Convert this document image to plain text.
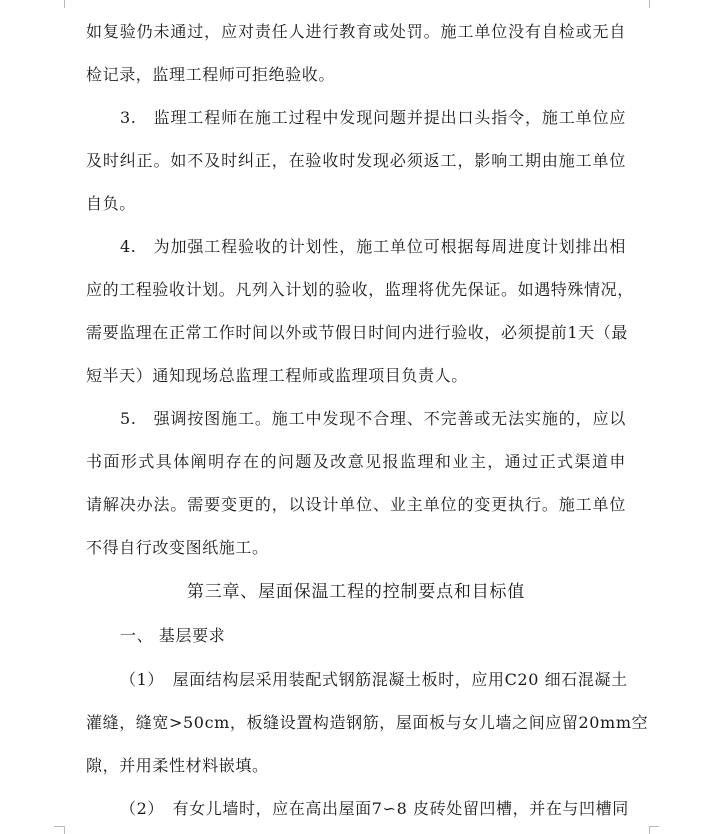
如复验仍未通过，应对责任人进行教育或处罚。施工单位没有自检或无自
检记录，监理工程师可拒绝验收。
3.　监理工程师在施工过程中发现问题并提出口头指令，施工单位应
及时纠正。如不及时纠正，在验收时发现必须返工，影响工期由施工单位
自负。
4.　为加强工程验收的计划性，施工单位可根据每周进度计划排出相
应的工程验收计划。凡列入计划的验收，监理将优先保证。如遇特殊情况，
需要监理在正常工作时间以外或节假日时间内进行验收，必须提前1天（最
短半天）通知现场总监理工程师或监理项目负责人。
5.　强调按图施工。施工中发现不合理、不完善或无法实施的，应以
书面形式具体阐明存在的问题及改意见报监理和业主，通过正式渠道申
请解决办法。需要变更的，以设计单位、业主单位的变更执行。施工单位
不得自行改变图纸施工。
第三章、屋面保温工程的控制要点和目标值
一、 基层要求
（1）　屋面结构层采用装配式钢筋混凝土板时，应用C20 细石混凝土
灌缝，缝宽>50cm，板缝设置构造钢筋，屋面板与女儿墙之间应留20mm空
隙，并用柔性材料嵌填。
（2）　有女儿墙时，应在高出屋面7∽8 皮砖处留凹槽，并在与凹槽同
